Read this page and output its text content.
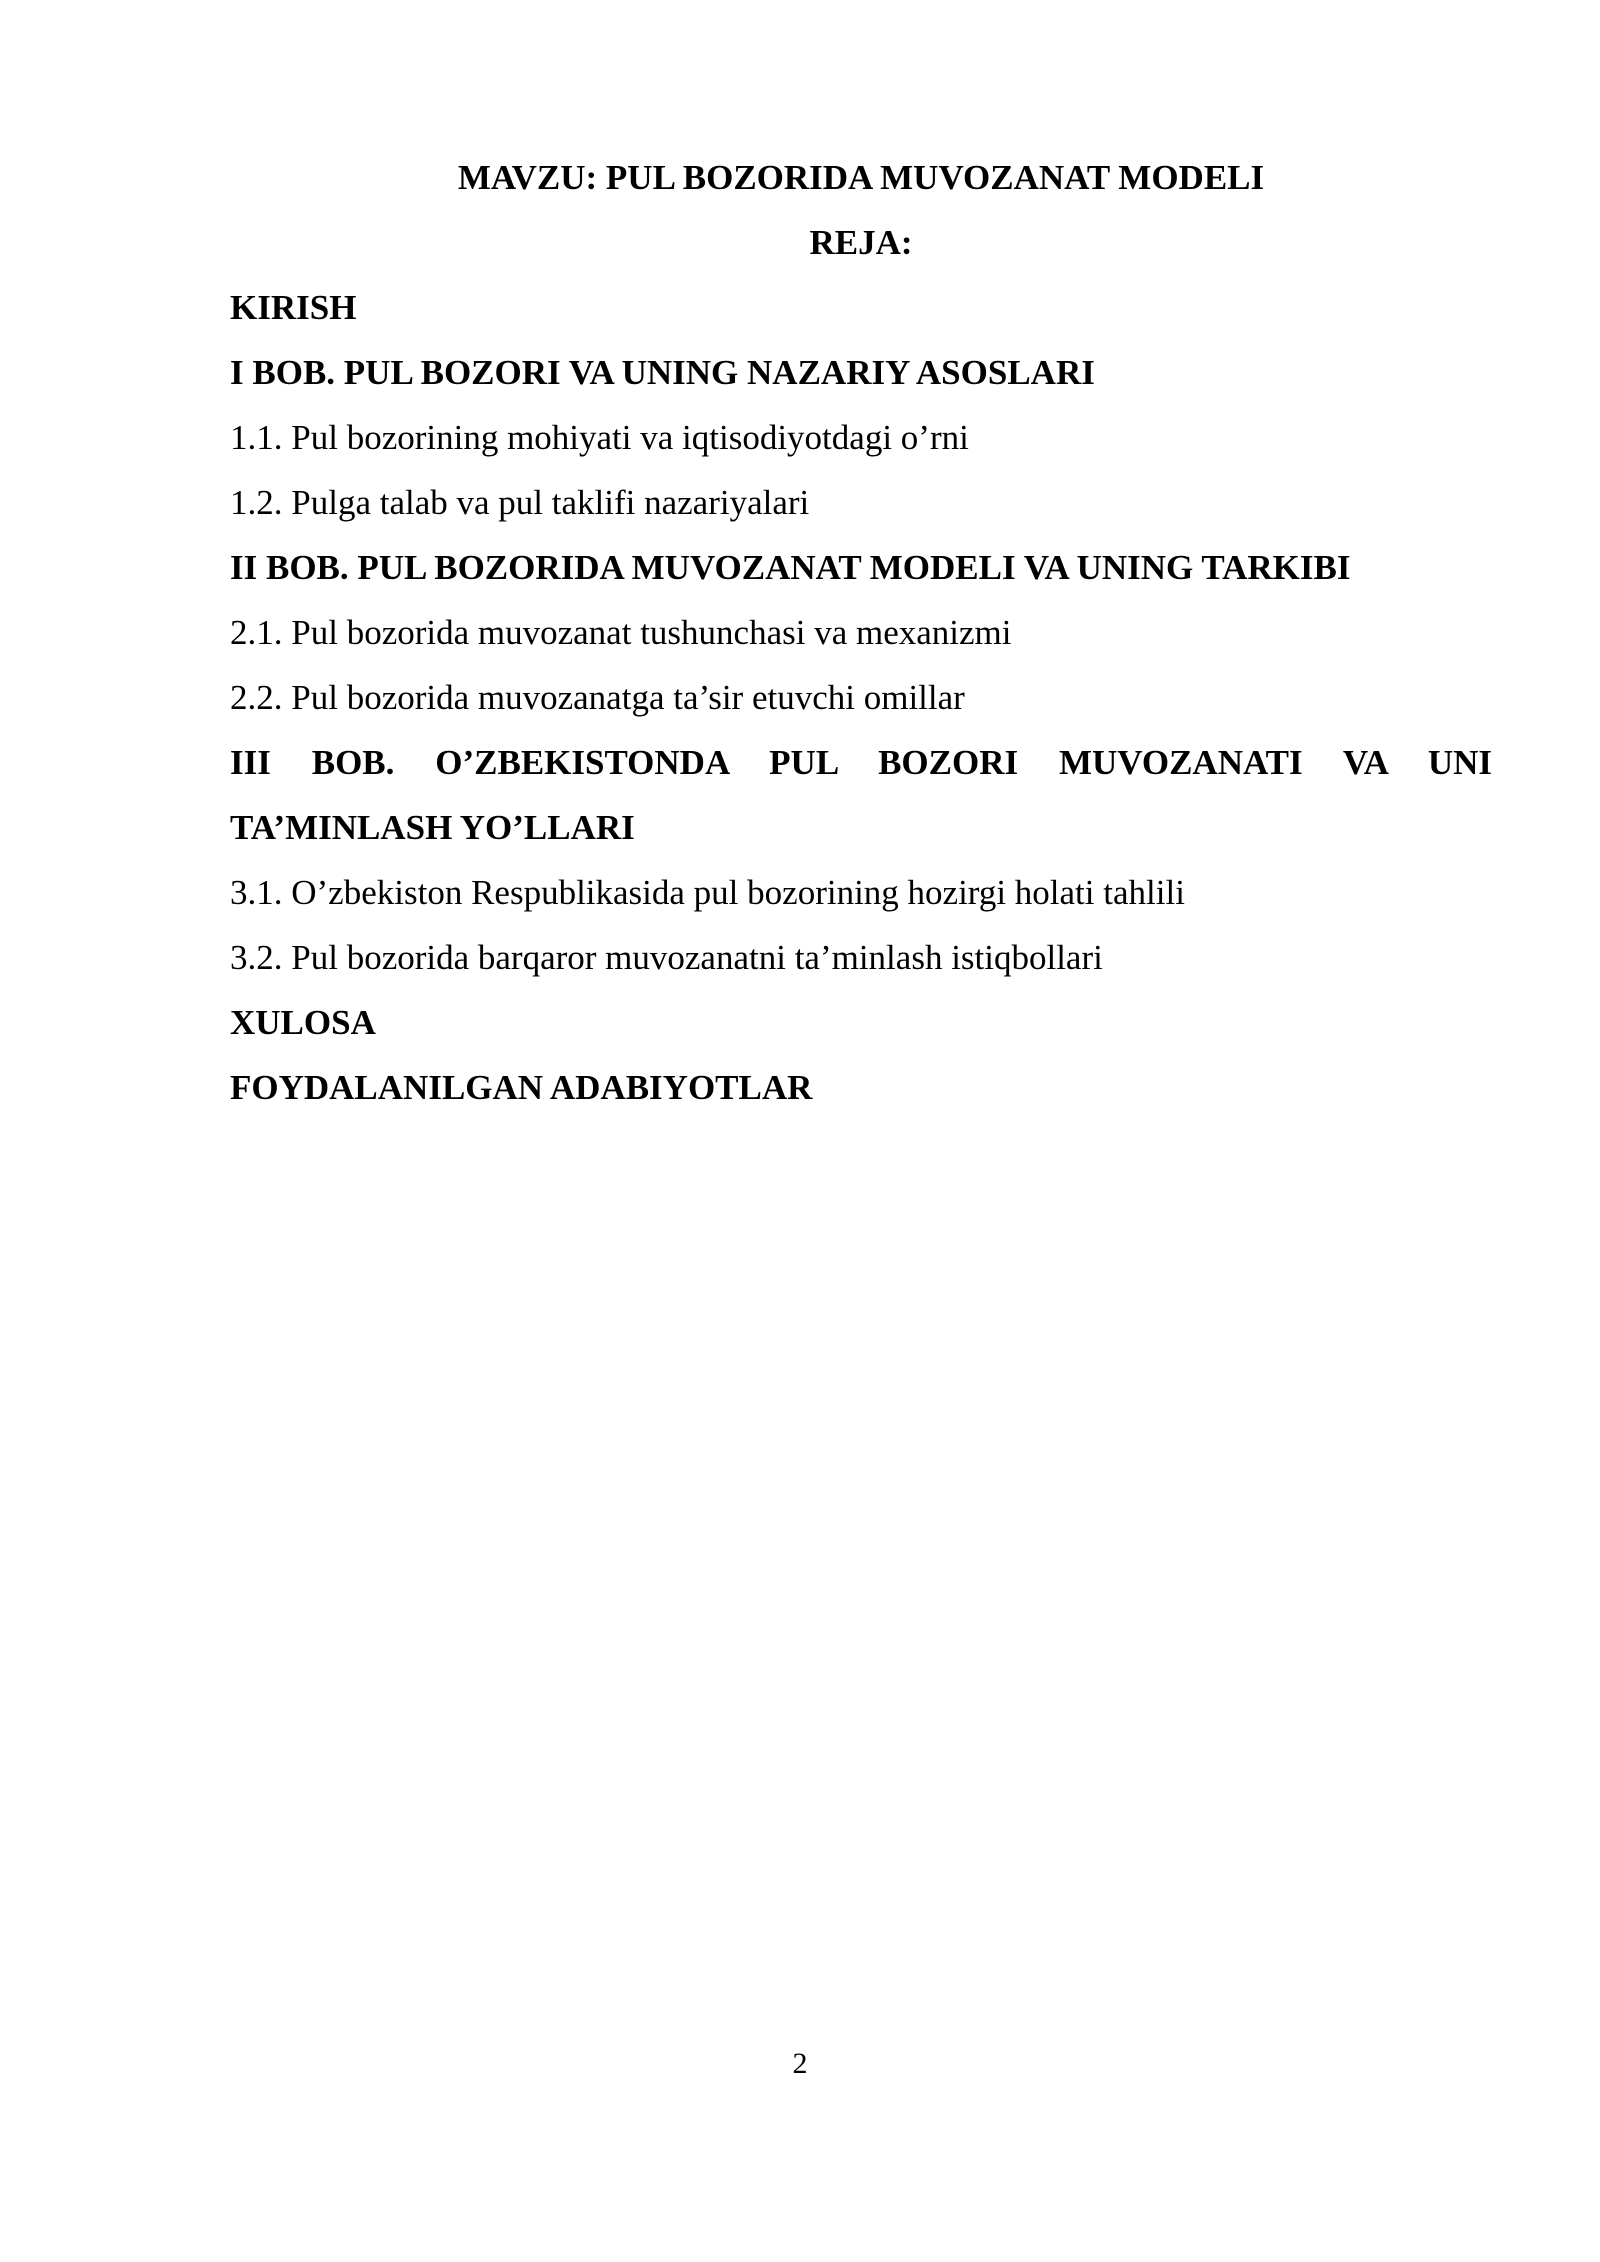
MAVZU: PUL BOZORIDA MUVOZANAT MODELI

REJA:

KIRISH

I BOB. PUL BOZORI VA UNING NAZARIY ASOSLARI

1.1. Pul bozorining mohiyati va iqtisodiyotdagi o’rni

1.2. Pulga talab va pul taklifi nazariyalari

II BOB. PUL BOZORIDA MUVOZANAT MODELI VA UNING TARKIBI

2.1. Pul bozorida muvozanat tushunchasi va mexanizmi

2.2. Pul bozorida muvozanatga ta’sir etuvchi omillar

III BOB. O’ZBEKISTONDA PUL BOZORI MUVOZANATI VA UNI

TA’MINLASH YO’LLARI

3.1. O’zbekiston Respublikasida pul bozorining hozirgi holati tahlili

3.2. Pul bozorida barqaror muvozanatni ta’minlash istiqbollari

XULOSA

FOYDALANILGAN ADABIYOTLAR

2
